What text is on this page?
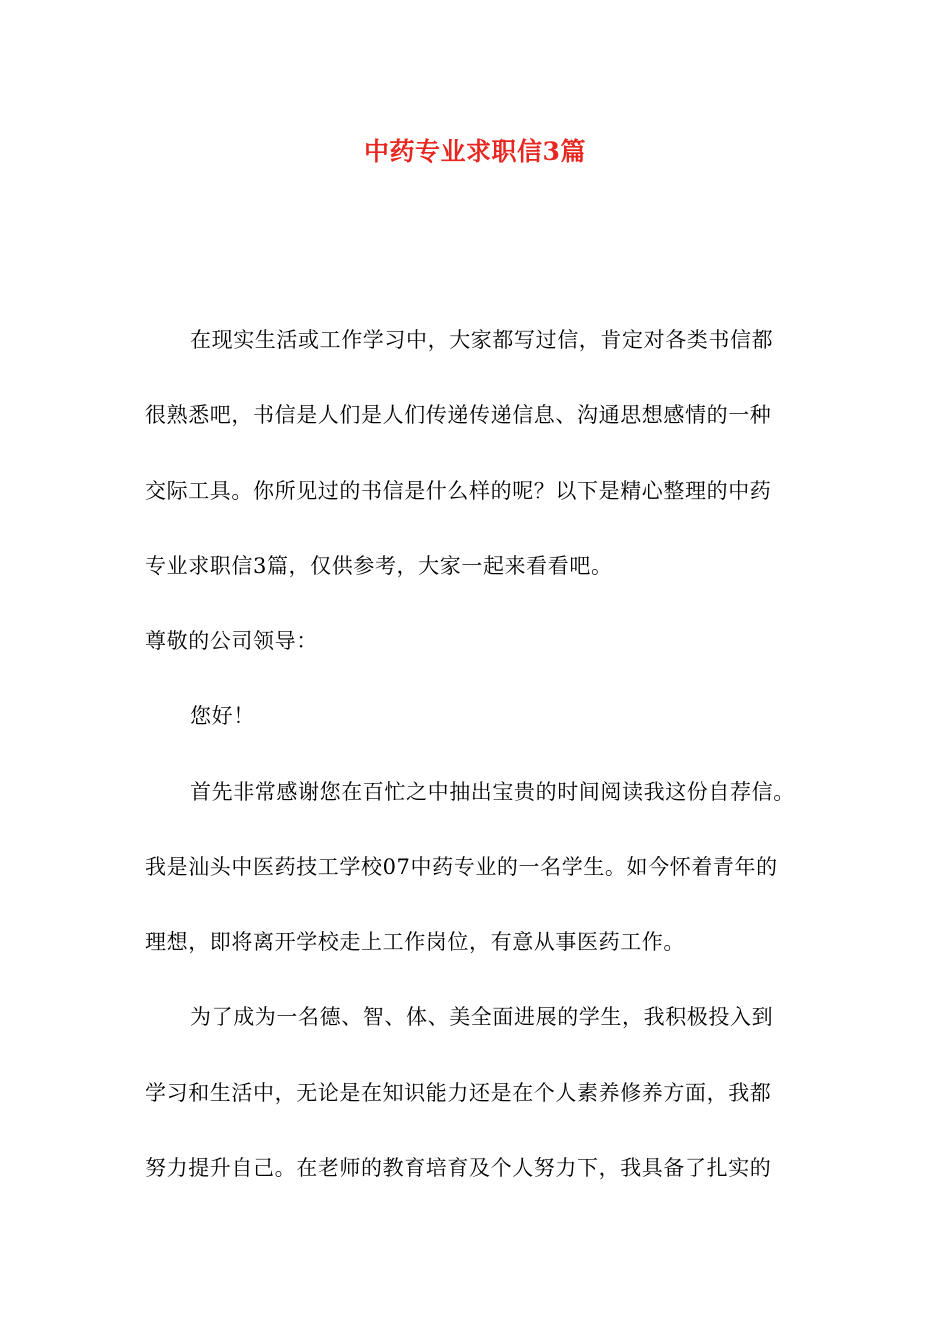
中药专业求职信3篇
在现实生活或工作学习中，大家都写过信，肯定对各类书信都
很熟悉吧，书信是人们是人们传递传递信息、沟通思想感情的一种
交际工具。你所见过的书信是什么样的呢？以下是精心整理的中药
专业求职信3篇，仅供参考，大家一起来看看吧。
尊敬的公司领导：
您好！
首先非常感谢您在百忙之中抽出宝贵的时间阅读我这份自荐信。
我是汕头中医药技工学校07中药专业的一名学生。如今怀着青年的
理想，即将离开学校走上工作岗位，有意从事医药工作。
为了成为一名德、智、体、美全面进展的学生，我积极投入到
学习和生活中，无论是在知识能力还是在个人素养修养方面，我都
努力提升自己。在老师的教育培育及个人努力下，我具备了扎实的
